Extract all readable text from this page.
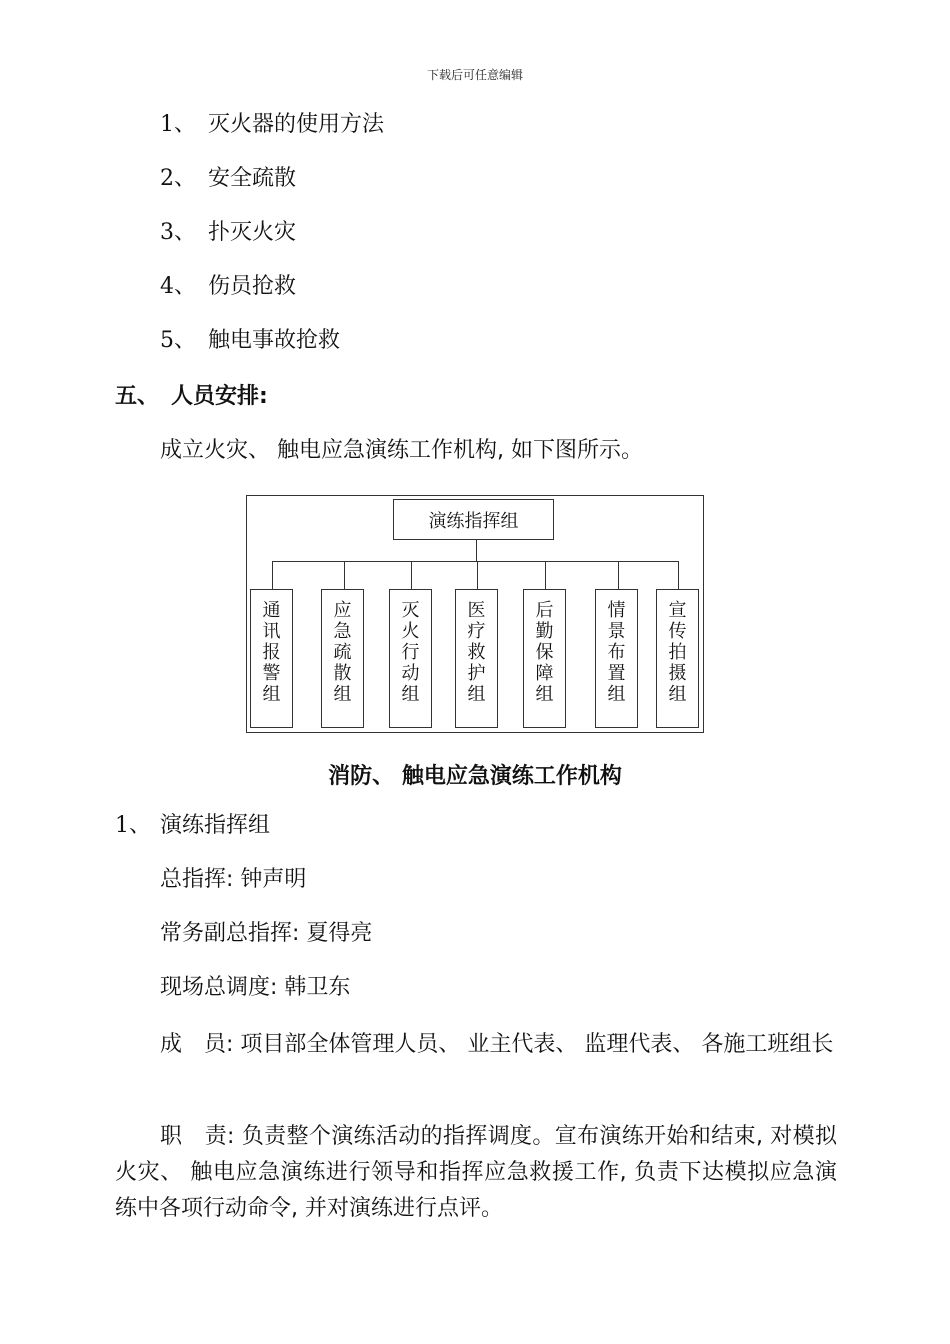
下载后可任意编辑
1、 灭火器的使用方法
2、 安全疏散
3、 扑灭火灾
4、 伤员抢救
5、 触电事故抢救
五、 人员安排:
成立火灾、 触电应急演练工作机构, 如下图所示。
演练指挥组
通讯报警组
应急疏散组
灭火行动组
医疗救护组
后勤保障组
情景布置组
宣传拍摄组
消防、 触电应急演练工作机构
1、 演练指挥组
总指挥: 钟声明
常务副总指挥: 夏得亮
现场总调度: 韩卫东
成　员: 项目部全体管理人员、 业主代表、 监理代表、 各施工班组长
职　责: 负责整个演练活动的指挥调度。宣布演练开始和结束, 对模拟火灾、 触电应急演练进行领导和指挥应急救援工作, 负责下达模拟应急演练中各项行动命令, 并对演练进行点评。
